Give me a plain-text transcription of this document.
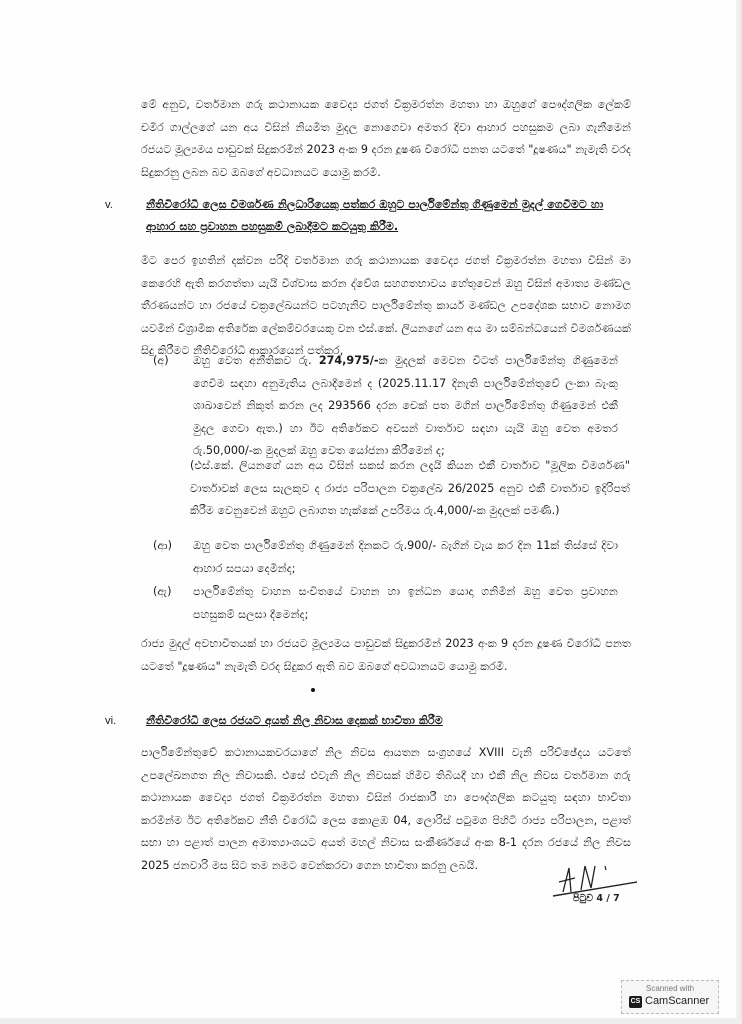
මේ අනුව, වර්තමාන ගරු කථානායක වෛද්‍ය ජගත් වික්‍රමරත්න මහතා හා ඔහුගේ පෞද්ගලික ලේකම් චමිර ගාල්ලගේ යන අය විසින් නියමිත මුදල නොගෙවා අමතර දිවා ආහාර පහසුකම ලබා ගැනීමෙන් රජයට මූල්‍යමය පාඩුවක් සිදුකරමින් 2023 අංක 9 දරන දූෂණ විරෝධී පනත යටතේ "දූෂණය" නැමැති වරද සිදුකරනු ලබන බව ඔබගේ අවධානයට යොමු කරමි.
v.	නීතිවිරෝධී ලෙස විමර්ශණ නිලධාරියෙකු පත්කර ඔහුට පාර්ලිමේන්තු ගිණුමෙන් මුදල් ගෙවීමට හා ආහාර සහ ප්‍රවාහන පහසුකම් ලබාදීමට කටයුතු කිරීම.
මීට පෙර ඉහතින් දක්වන පරිදි වර්තමාන ගරු කථානායක වෛද්‍ය ජගත් වික්‍රමරත්න මහතා විසින් මා කෙරෙහි ඇති කරගත්තා යැයි විශ්වාස කරන ද්වේශ සහගතභාවය හේතුවෙන් ඔහු විසින් අමාත්‍ය මණ්ඩල තීරණයන්ට හා රජයේ චක්‍රලේඛයන්ට පටහැනිව පාර්ලිමේන්තු කාර්ය මණ්ඩල උපදේශක සභාව නොමග යවමින් විශ්‍රාමික අතිරේක ලේකම්වරයෙකු වන එස්.කේ. ලියනගේ යන අය මා සම්බන්ධයෙන් විමර්ශණයක් සිදු කිරීමට නීතිවිරෝධී ආකාරයෙන් පත්කර,
(අ) ඔහු වෙත අනීතිකව රු. 274,975/-ක මුදලක් මෙවන විටත් පාර්ලිමේන්තු ගිණුමෙන් ගෙවීම සඳහා අනුමැතිය ලබාදීමෙන් ද (2025.11.17 දිනැති පාර්ලිමේන්තුවේ ලංකා බැංකු ශාඛාවෙන් නිකුත් කරන ලද 293566 දරන චෙක් පත මගින් පාර්ලිමේන්තු ගිණුමෙන් එකී මුදල ගෙවා ඇත.) හා ඊට අතිරේකව අවසන් වාර්තාව සඳහා යැයි ඔහු වෙත අමතර රු.50,000/-ක මුදලක් ඔහු වෙත යෝජනා කිරීමෙන් ද;
(එස්.කේ. ලියනගේ යන අය විසින් සකස් කරන ලදැයි කියන එකී වාර්තාව "මූලික විමර්ශණ" වාර්තාවක් ලෙස සැලකුව ද රාජ්‍ය පරිපාලන චක්‍රලේඛ 26/2025 අනුව එකී වාර්තාව ඉදිරිපත් කිරීම වෙනුවෙන් ඔහුට ලබාගත හැක්කේ උපරිමය රු.4,000/-ක මුදලක් පමණි.)
(ආ) ඔහු වෙත පාර්ලිමේන්තු ගිණුමෙන් දිනකට රු.900/- බැගින් වැය කර දින 11ක් තිස්සේ දිවා ආහාර සපයා දෙමින්ද;
(ඇ) පාර්ලිමේන්තු වාහන සංචිතයේ වාහන හා ඉන්ධන යොදා ගනිමින් ඔහු වෙත ප්‍රවාහන පහසුකම් සලසා දීමෙන්ද;
රාජ්‍ය මුදල් අවභාවිතයක් හා රජයට මූල්‍යමය පාඩුවක් සිදුකරමින් 2023 අංක 9 දරන දූෂණ විරෝධී පනත යටතේ "දූෂණය" නැමැති වරද සිදුකර ඇති බව ඔබගේ අවධානයට යොමු කරමි.
vi.	නීතිවිරෝධී ලෙස රජයට අයත් නිල නිවාස දෙකක් භාවිතා කිරීම
පාර්ලිමේන්තුවේ කථානායකවරයාගේ නිල නිවස ආයතන සංග්‍රහයේ XVIII වැනි පරිච්ඡේදය යටතේ උපලේඛනගත නිල නිවාසකි. එසේ එවැනි නිල නිවසක් හිමිව තිබියදී හා එකී නිල නිවස වර්තමාන ගරු කථානායක වෛද්‍ය ජගත් වික්‍රමරත්න මහතා විසින් රාජකාරී හා පෞද්ගලික කටයුතු සඳහා භාවිතා කරමින්ම ඊට අතිරේකව නීති විරෝධී ලෙස කොළඹ 04, ලොරිස් පටුමග පිහිටි රාජ්‍ය පරිපාලන, පළාත් සභා හා පළාත් පාලන අමාත්‍යාංශයට අයත් මහල් නිවාස සංකීර්ණයේ අංක 8-1 දරන රජයේ නිල නිවස 2025 ජනවාරි මස සිට තම නමට වෙන්කරවා ගෙන භාවිතා කරනු ලබයි.
පිටුව 4 / 7
Scanned with
CS CamScanner
